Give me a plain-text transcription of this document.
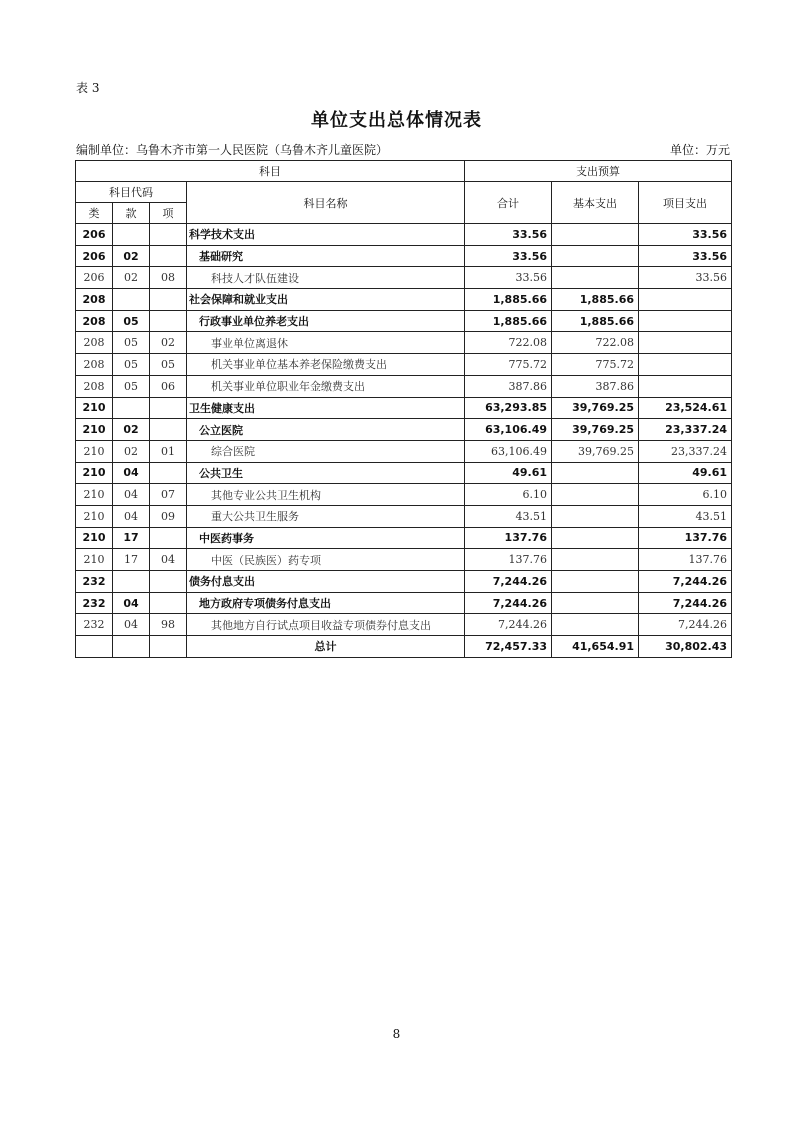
表 3
单位支出总体情况表
编制单位：乌鲁木齐市第一人民医院（乌鲁木齐儿童医院）	单位：万元
科目				支出预算		
科目代码			科目名称	合计	基本支出	项目支出
类	款	项				
206			科学技术支出	33.56		33.56
206	02		基础研究	33.56		33.56
206	02	08	科技人才队伍建设	33.56		33.56
208			社会保障和就业支出	1,885.66	1,885.66	
208	05		行政事业单位养老支出	1,885.66	1,885.66	
208	05	02	事业单位离退休	722.08	722.08	
208	05	05	机关事业单位基本养老保险缴费支出	775.72	775.72	
208	05	06	机关事业单位职业年金缴费支出	387.86	387.86	
210			卫生健康支出	63,293.85	39,769.25	23,524.61
210	02		公立医院	63,106.49	39,769.25	23,337.24
210	02	01	综合医院	63,106.49	39,769.25	23,337.24
210	04		公共卫生	49.61		49.61
210	04	07	其他专业公共卫生机构	6.10		6.10
210	04	09	重大公共卫生服务	43.51		43.51
210	17		中医药事务	137.76		137.76
210	17	04	中医（民族医）药专项	137.76		137.76
232			债务付息支出	7,244.26		7,244.26
232	04		地方政府专项债务付息支出	7,244.26		7,244.26
232	04	98	其他地方自行试点项目收益专项债券付息支出	7,244.26		7,244.26
			总计	72,457.33	41,654.91	30,802.43
8
